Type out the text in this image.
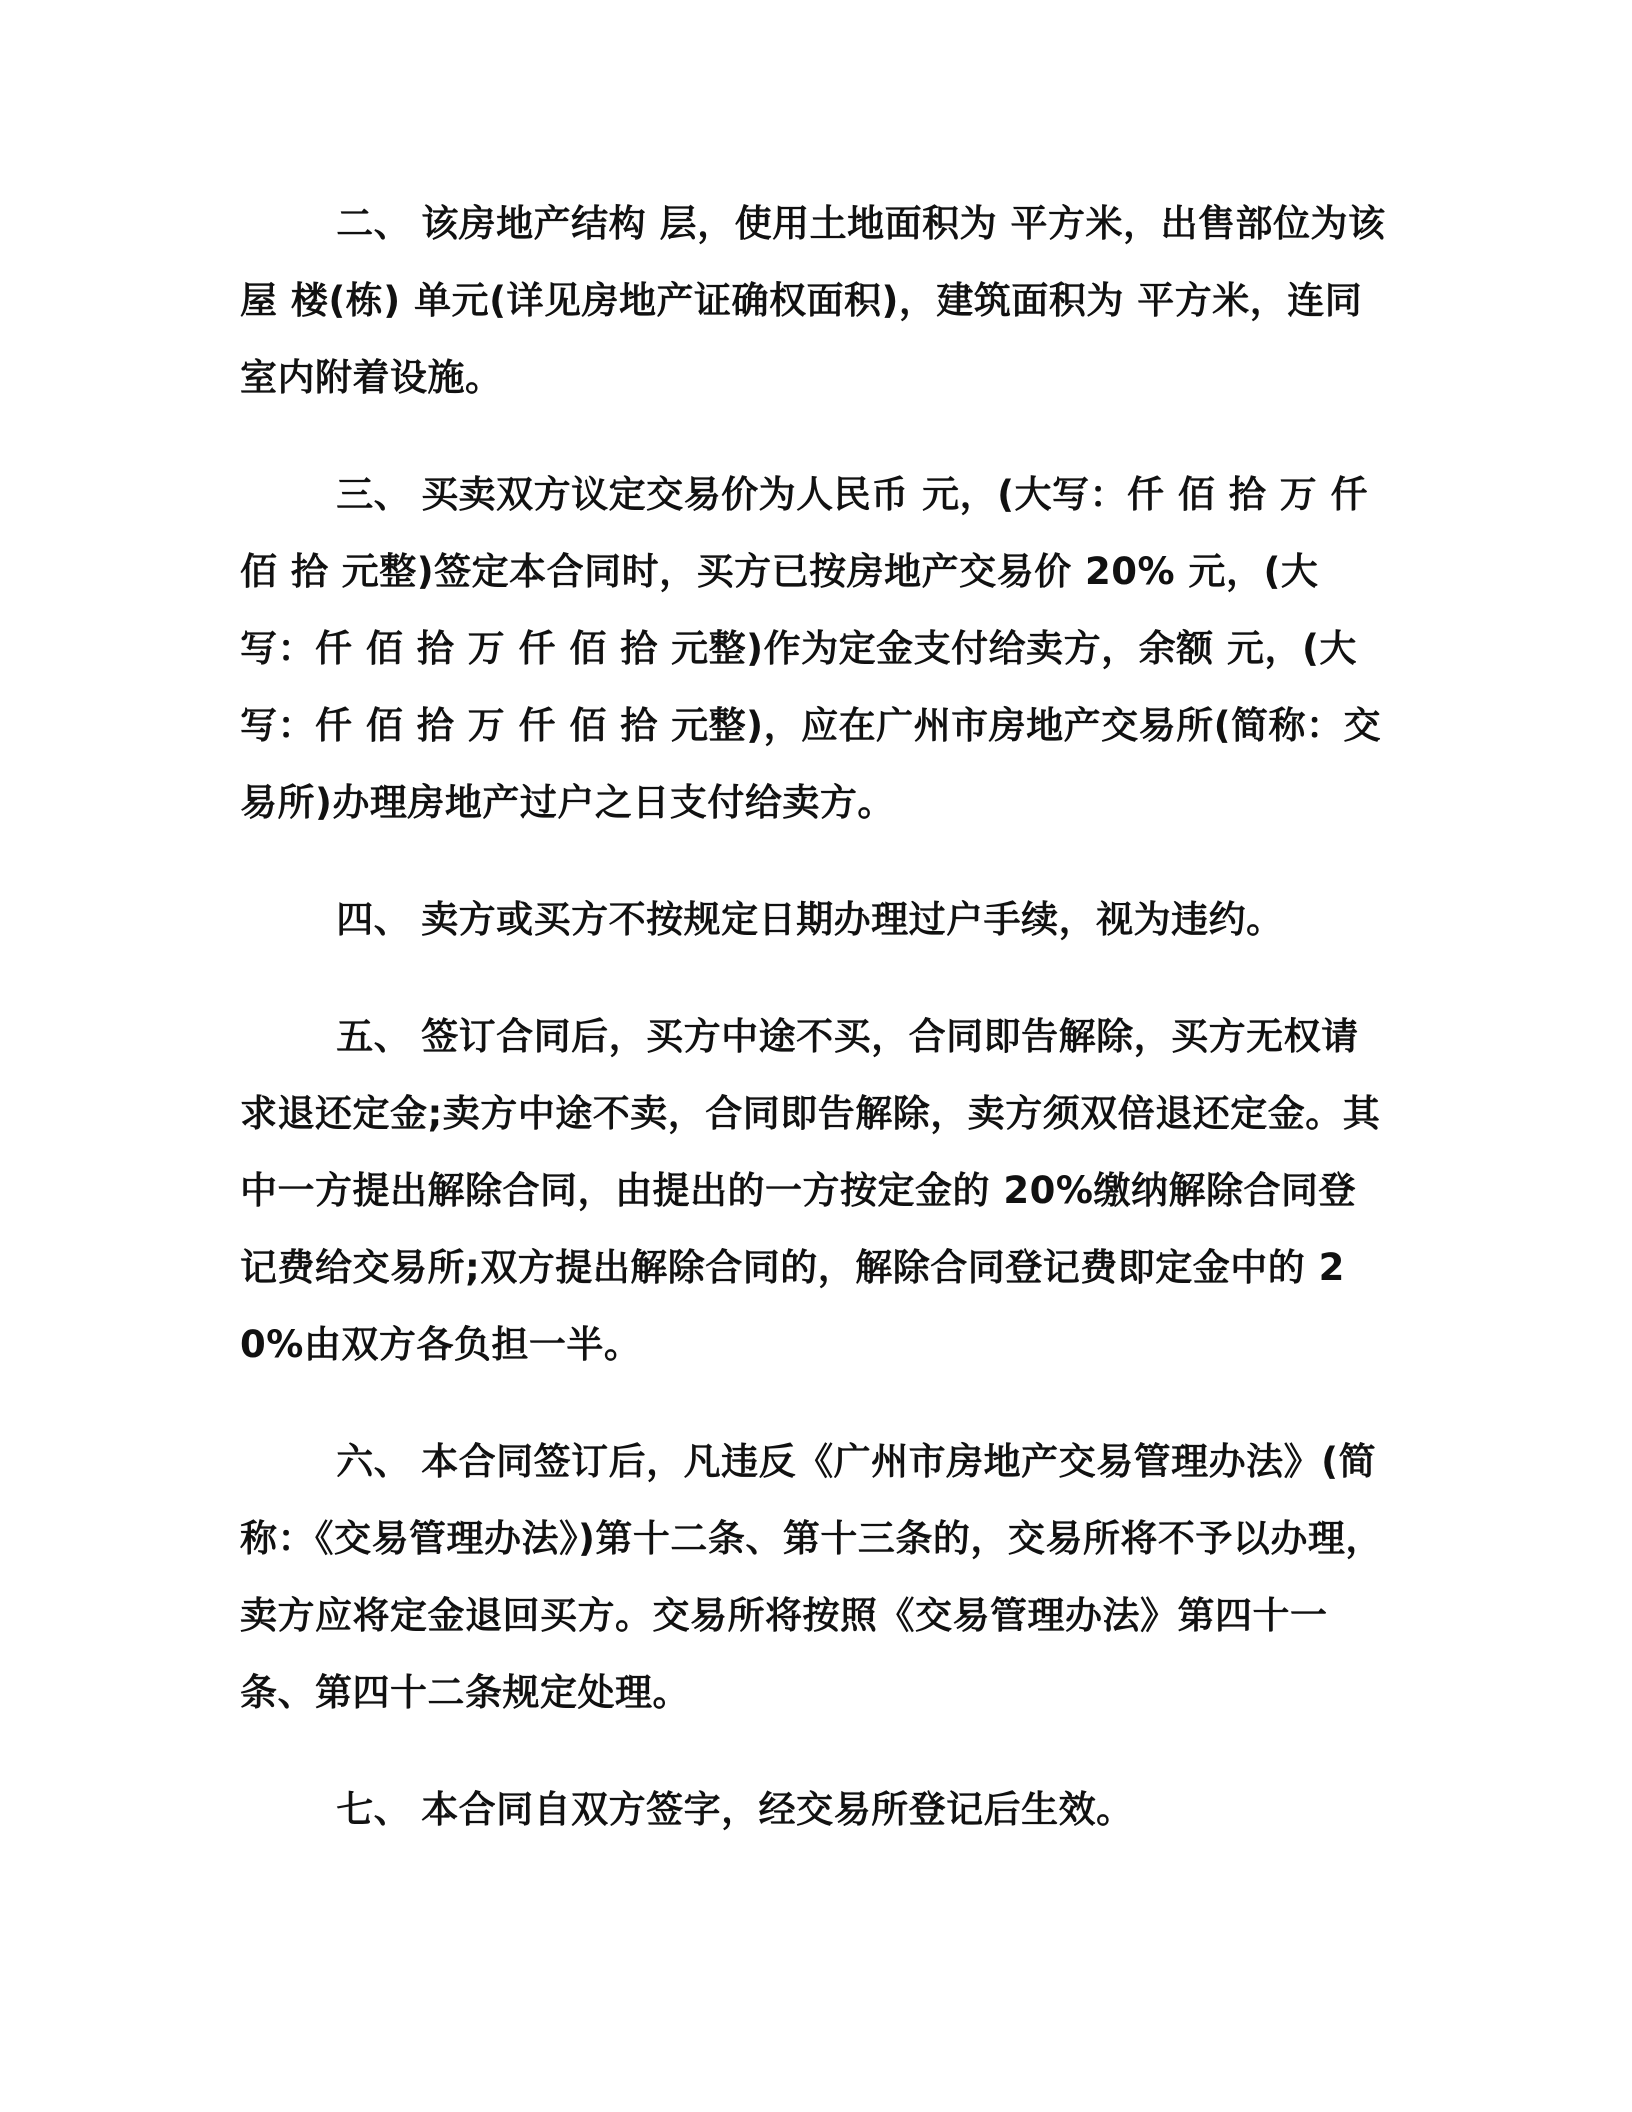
二、 该房地产结构 层，使用土地面积为 平方米，出售部位为该屋 楼(栋) 单元(详见房地产证确权面积)，建筑面积为 平方米，连同室内附着设施。

三、 买卖双方议定交易价为人民币 元，(大写：仟 佰 拾 万 仟 佰 拾 元整)签定本合同时，买方已按房地产交易价 20% 元，(大写：仟 佰 拾 万 仟 佰 拾 元整)作为定金支付给卖方，余额 元，(大写：仟 佰 拾 万 仟 佰 拾 元整)，应在广州市房地产交易所(简称：交易所)办理房地产过户之日支付给卖方。

四、 卖方或买方不按规定日期办理过户手续，视为违约。

五、 签订合同后，买方中途不买，合同即告解除，买方无权请求退还定金;卖方中途不卖，合同即告解除，卖方须双倍退还定金。其中一方提出解除合同，由提出的一方按定金的 20%缴纳解除合同登记费给交易所;双方提出解除合同的，解除合同登记费即定金中的 20%由双方各负担一半。

六、 本合同签订后，凡违反《广州市房地产交易管理办法》(简称：《交易管理办法》)第十二条、第十三条的，交易所将不予以办理，卖方应将定金退回买方。交易所将按照《交易管理办法》第四十一条、第四十二条规定处理。

七、 本合同自双方签字，经交易所登记后生效。
